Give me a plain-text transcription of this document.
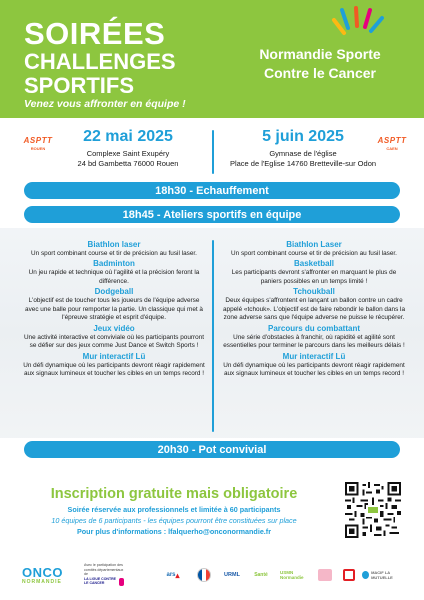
SOIRÉES
CHALLENGES
SPORTIFS
Venez vous affronter en équipe !
Normandie Sporte
Contre le Cancer
ASPTT
ROUEN
22 mai 2025
Complexe Saint Exupéry
24 bd Gambetta 76000 Rouen
5 juin 2025
Gymnase de l'église
Place de l'Eglise 14760 Bretteville-sur Odon
ASPTT
CAEN
18h30 - Echauffement
18h45 - Ateliers sportifs en équipe
Biathlon laser
Un sport combinant course et tir de précision au fusil laser.
Badminton
Un jeu rapide et technique où l'agilité et la précision feront la différence.
Dodgeball
L'objectif est de toucher tous les joueurs de l'équipe adverse avec une balle pour remporter la partie. Un classique qui met à l'épreuve stratégie et esprit d'équipe.
Jeux vidéo
Une activité interactive et conviviale où les participants pourront se défier sur des jeux comme Just Dance et Switch Sports !
Mur interactif Lü
Un défi dynamique où les participants devront réagir rapidement aux signaux lumineux et toucher les cibles en un temps record !
Biathlon Laser
Un sport combinant course et tir de précision au fusil laser.
Basketball
Les participants devront s'affronter en marquant le plus de paniers possibles en un temps limité !
Tchoukball
Deux équipes s'affrontent en lançant un ballon contre un cadre appelé «tchouk». L'objectif est de faire rebondir le ballon dans la zone adverse sans que l'équipe adverse ne puisse le récupérer.
Parcours du combattant
Une série d'obstacles à franchir, où rapidité et agilité sont essentielles pour terminer le parcours dans les meilleurs délais !
Mur interactif Lü
Un défi dynamique où les participants devront réagir rapidement aux signaux lumineux et toucher les cibles en un temps record !
20h30 - Pot convivial
Inscription gratuite mais obligatoire
Soirée réservée aux professionnels et limitée à 60 participants
10 équipes de 6 participants - les équipes pourront être constituées sur place
Pour plus d'informations : lfalquerho@onconormandie.fr
ONCO
NORMANDIE
Avec le participation des comités départementaux de
LA LIGUE CONTRE LE CANCER
ars ▴	URML	Santé	USMN Normandie
MACIF LA MUTUELLE
